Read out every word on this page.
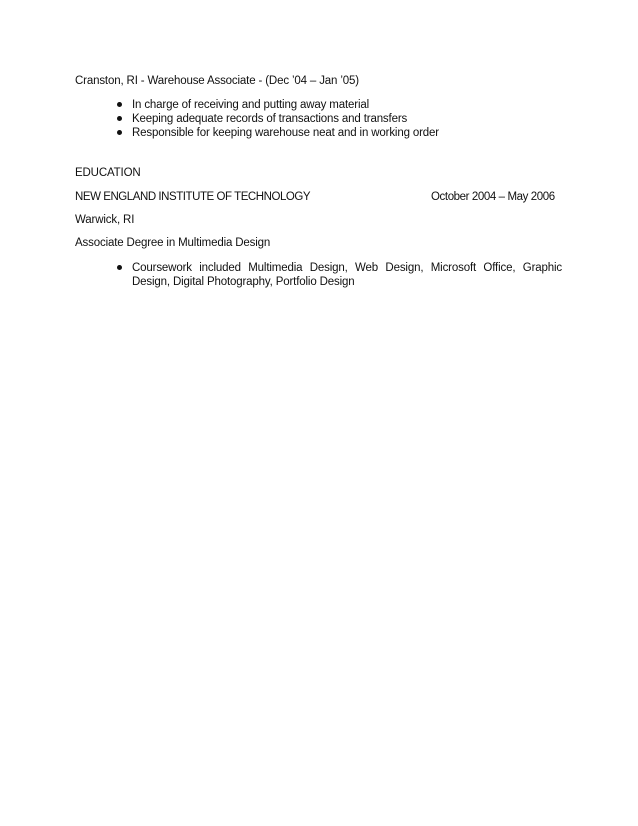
Cranston, RI - Warehouse Associate - (Dec ’04 – Jan ’05)
In charge of receiving and putting away material
Keeping adequate records of transactions and transfers
Responsible for keeping warehouse neat and in working order
EDUCATION
NEW ENGLAND INSTITUTE OF TECHNOLOGY	October 2004 – May 2006
Warwick, RI
Associate Degree in Multimedia Design
Coursework included Multimedia Design, Web Design, Microsoft Office, Graphic Design, Digital Photography, Portfolio Design
